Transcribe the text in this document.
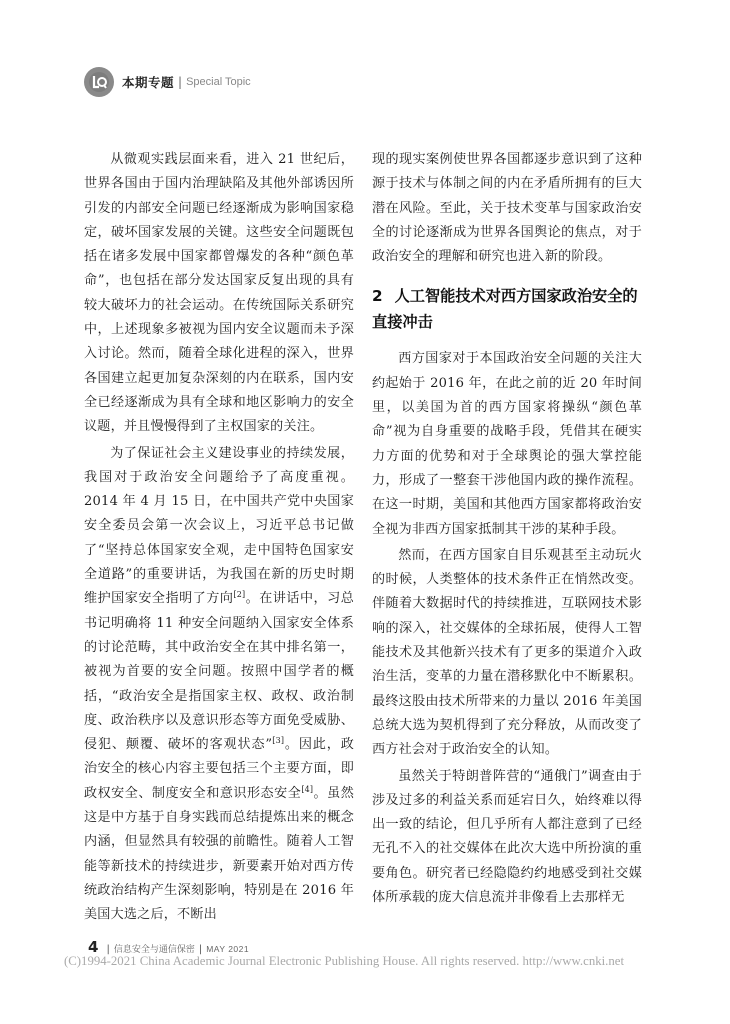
本期专题 | Special Topic

从微观实践层面来看，进入 21 世纪后，世界各国由于国内治理缺陷及其他外部诱因所引发的内部安全问题已经逐渐成为影响国家稳定，破坏国家发展的关键。这些安全问题既包括在诸多发展中国家都曾爆发的各种“颜色革命”，也包括在部分发达国家反复出现的具有较大破坏力的社会运动。在传统国际关系研究中，上述现象多被视为国内安全议题而未予深入讨论。然而，随着全球化进程的深入，世界各国建立起更加复杂深刻的内在联系，国内安全已经逐渐成为具有全球和地区影响力的安全议题，并且慢慢得到了主权国家的关注。

为了保证社会主义建设事业的持续发展，我国对于政治安全问题给予了高度重视。2014 年 4 月 15 日，在中国共产党中央国家安全委员会第一次会议上，习近平总书记做了“坚持总体国家安全观，走中国特色国家安全道路”的重要讲话，为我国在新的历史时期维护国家安全指明了方向[2]。在讲话中，习总书记明确将 11 种安全问题纳入国家安全体系的讨论范畴，其中政治安全在其中排名第一，被视为首要的安全问题。按照中国学者的概括，“政治安全是指国家主权、政权、政治制度、政治秩序以及意识形态等方面免受威胁、侵犯、颠覆、破坏的客观状态”[3]。因此，政治安全的核心内容主要包括三个主要方面，即政权安全、制度安全和意识形态安全[4]。虽然这是中方基于自身实践而总结提炼出来的概念内涵，但显然具有较强的前瞻性。随着人工智能等新技术的持续进步，新要素开始对西方传统政治结构产生深刻影响，特别是在 2016 年美国大选之后，不断出

现的现实案例使世界各国都逐步意识到了这种源于技术与体制之间的内在矛盾所拥有的巨大潜在风险。至此，关于技术变革与国家政治安全的讨论逐渐成为世界各国舆论的焦点，对于政治安全的理解和研究也进入新的阶段。

2 人工智能技术对西方国家政治安全的直接冲击

西方国家对于本国政治安全问题的关注大约起始于 2016 年，在此之前的近 20 年时间里，以美国为首的西方国家将操纵“颜色革命”视为自身重要的战略手段，凭借其在硬实力方面的优势和对于全球舆论的强大掌控能力，形成了一整套干涉他国内政的操作流程。在这一时期，美国和其他西方国家都将政治安全视为非西方国家抵制其干涉的某种手段。

然而，在西方国家自目乐观甚至主动玩火的时候，人类整体的技术条件正在悄然改变。伴随着大数据时代的持续推进，互联网技术影响的深入，社交媒体的全球拓展，使得人工智能技术及其他新兴技术有了更多的渠道介入政治生活，变革的力量在潜移默化中不断累积。最终这股由技术所带来的力量以 2016 年美国总统大选为契机得到了充分释放，从而改变了西方社会对于政治安全的认知。

虽然关于特朗普阵营的“通俄门”调查由于涉及过多的利益关系而延宕日久，始终难以得出一致的结论，但几乎所有人都注意到了已经无孔不入的社交媒体在此次大选中所扮演的重要角色。研究者已经隐隐约约地感受到社交媒体所承载的庞大信息流并非像看上去那样无

4 | 信息安全与通信保密 | MAY 2021
(C)1994-2021 China Academic Journal Electronic Publishing House. All rights reserved. http://www.cnki.net
